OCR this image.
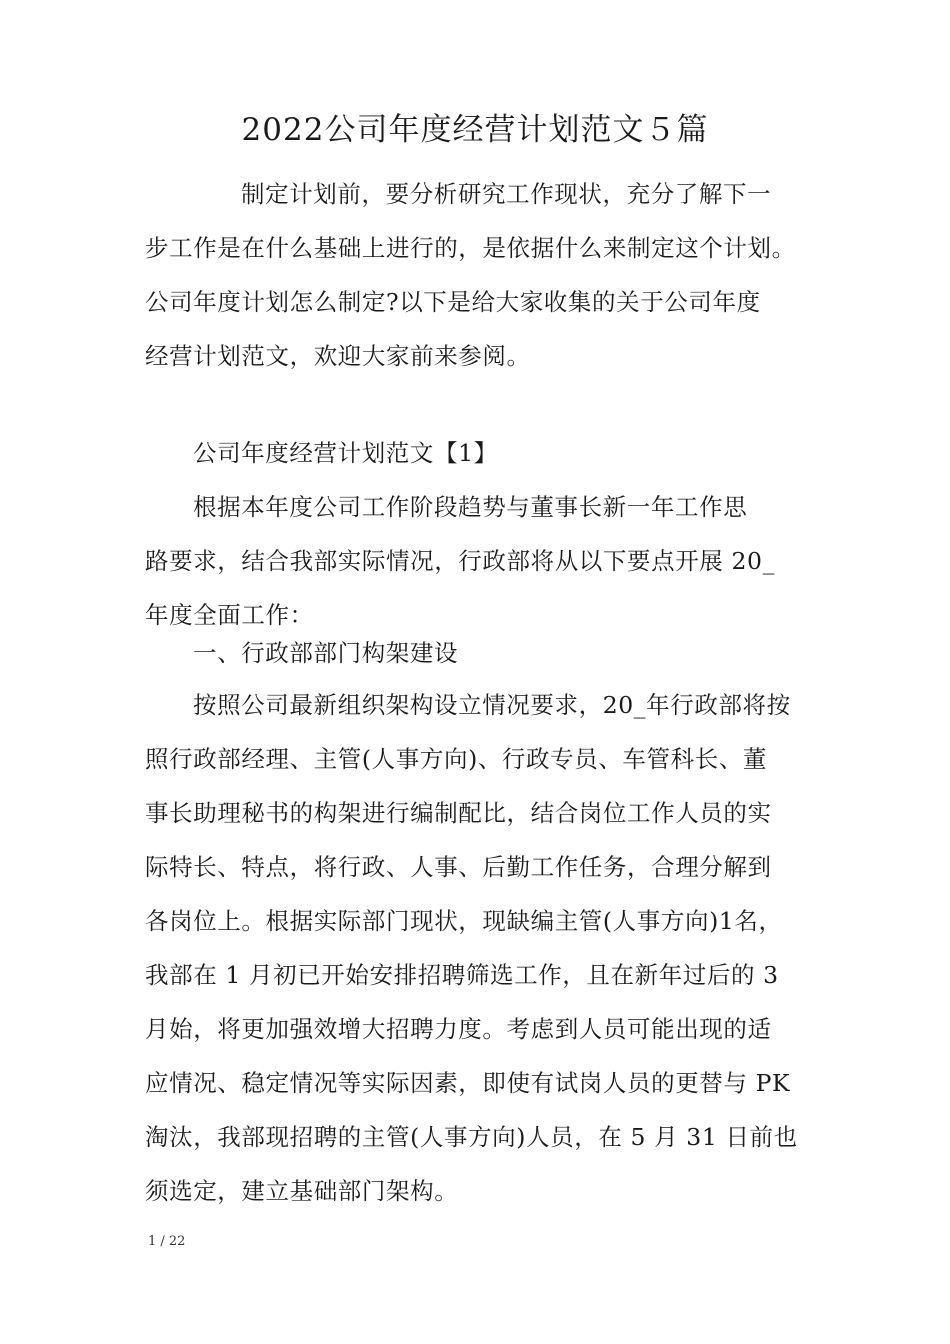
2022公司年度经营计划范文５篇
制定计划前，要分析研究工作现状，充分了解下一
步工作是在什么基础上进行的，是依据什么来制定这个计划。
公司年度计划怎么制定?以下是给大家收集的关于公司年度
经营计划范文，欢迎大家前来参阅。
公司年度经营计划范文【1】
根据本年度公司工作阶段趋势与董事长新一年工作思
路要求，结合我部实际情况，行政部将从以下要点开展 20_
年度全面工作：
一、行政部部门构架建设
按照公司最新组织架构设立情况要求，20_年行政部将按
照行政部经理、主管(人事方向)、行政专员、车管科长、董
事长助理秘书的构架进行编制配比，结合岗位工作人员的实
际特长、特点，将行政、人事、后勤工作任务，合理分解到
各岗位上。根据实际部门现状，现缺编主管(人事方向)1名，
我部在 1 月初已开始安排招聘筛选工作，且在新年过后的 3
月始，将更加强效增大招聘力度。考虑到人员可能出现的适
应情况、稳定情况等实际因素，即使有试岗人员的更替与 PK
淘汰，我部现招聘的主管(人事方向)人员，在 5 月 31 日前也
须选定，建立基础部门架构。
1 / 22
